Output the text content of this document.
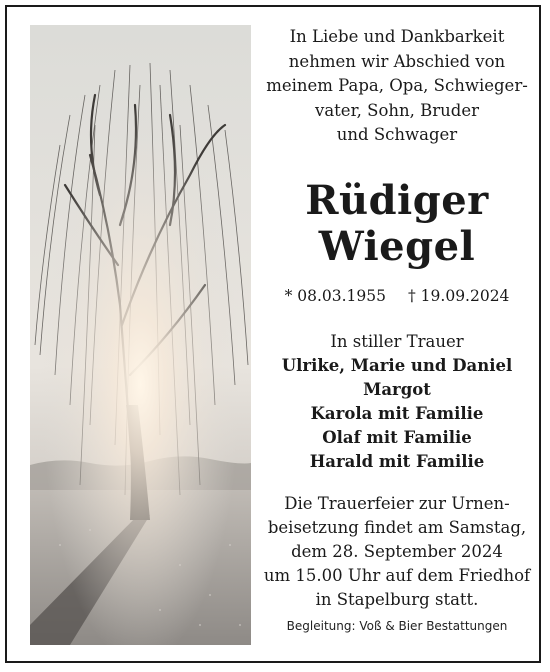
In Liebe und Dankbarkeit
nehmen wir Abschied von
meinem Papa, Opa, Schwieger-
vater, Sohn, Bruder
und Schwager
Rüdiger
Wiegel
* 08.03.1955 † 19.09.2024
In stiller Trauer
Ulrike, Marie und Daniel
Margot
Karola mit Familie
Olaf mit Familie
Harald mit Familie
Die Trauerfeier zur Urnen-
beisetzung findet am Samstag,
dem 28. September 2024
um 15.00 Uhr auf dem Friedhof
in Stapelburg statt.
Begleitung: Voß & Bier Bestattungen
